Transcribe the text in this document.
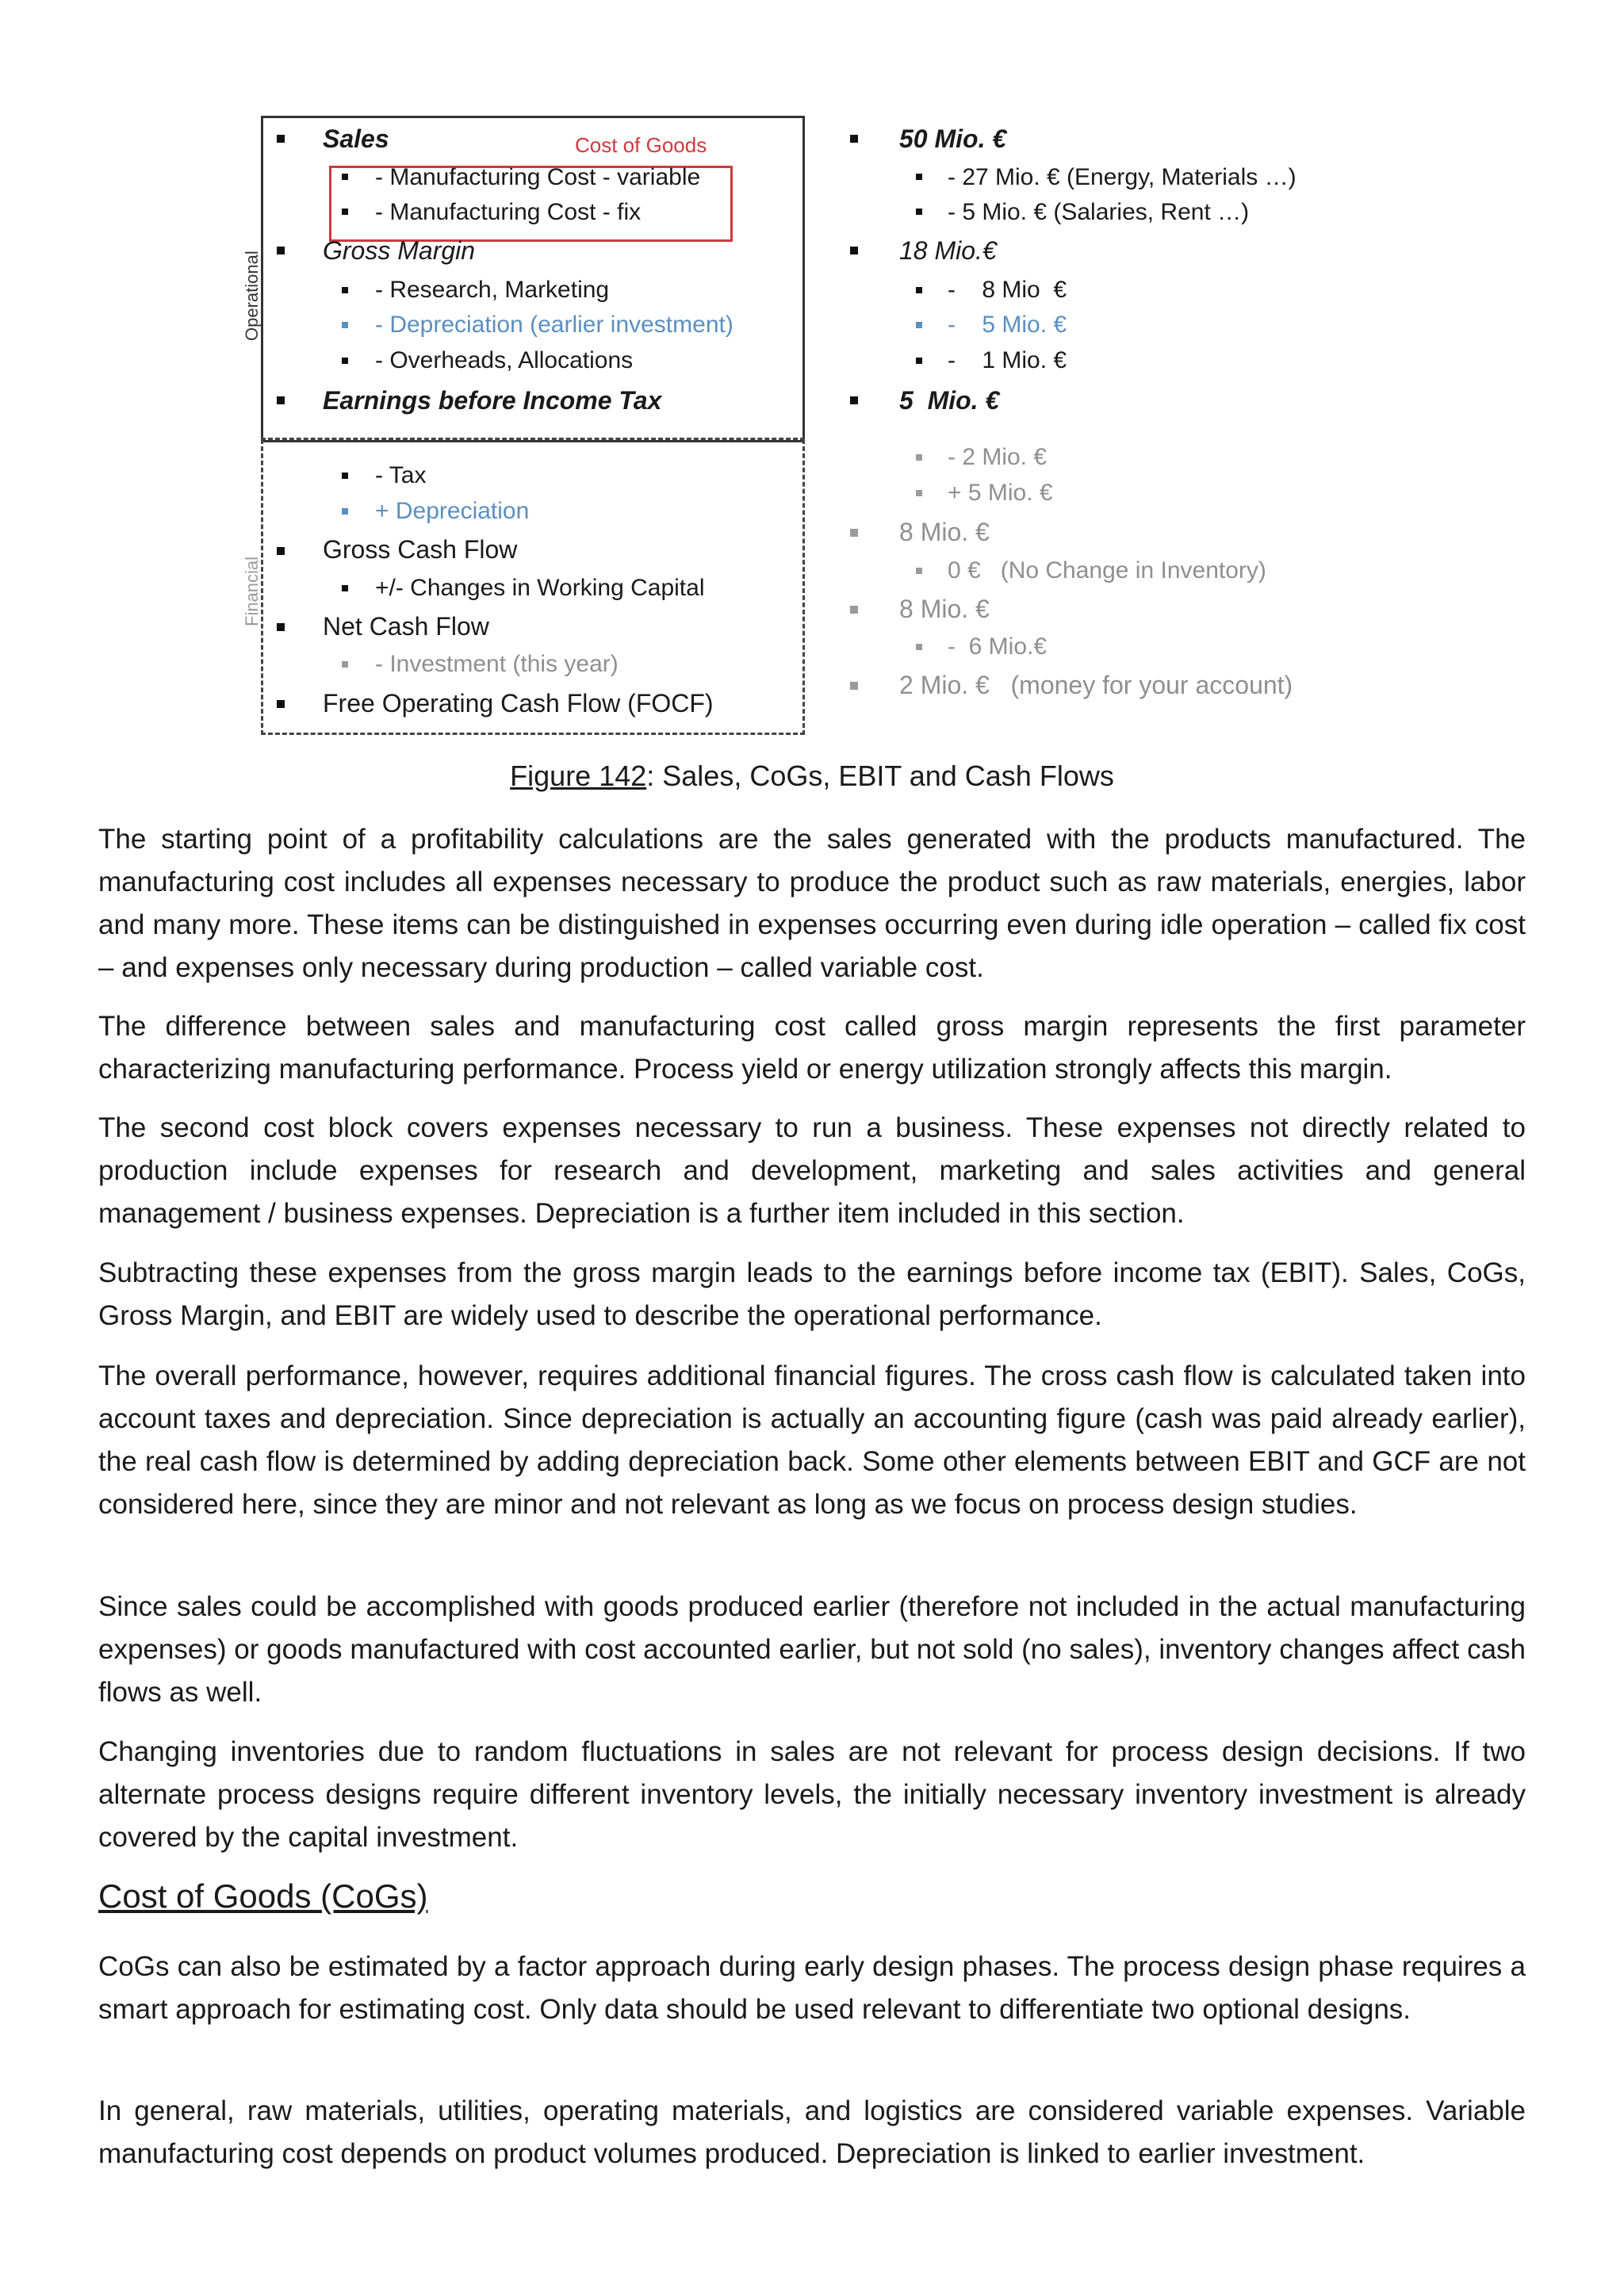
Operational
Financial
Cost of Goods
Sales
- Manufacturing Cost - variable
- Manufacturing Cost - fix
Gross Margin
- Research, Marketing
- Depreciation (earlier investment)
- Overheads, Allocations
Earnings before Income Tax
- Tax
+ Depreciation
Gross Cash Flow
+/- Changes in Working Capital
Net Cash Flow
- Investment (this year)
Free Operating Cash Flow (FOCF)
50 Mio. €
- 27 Mio. € (Energy, Materials …)
- 5 Mio. € (Salaries, Rent …)
18 Mio.€
-    8 Mio  €
-    5 Mio. €
-    1 Mio. €
5  Mio. €
- 2 Mio. €
+ 5 Mio. €
8 Mio. €
0 €   (No Change in Inventory)
8 Mio. €
-  6 Mio.€
2 Mio. €   (money for your account)
Figure 142: Sales, CoGs, EBIT and Cash Flows

The starting point of a profitability calculations are the sales generated with the products manufactured. The manufacturing cost includes all expenses necessary to produce the product such as raw materials, energies, labor and many more. These items can be distinguished in expenses occurring even during idle operation – called fix cost – and expenses only necessary during production – called variable cost.

The difference between sales and manufacturing cost called gross margin represents the first parameter characterizing manufacturing performance. Process yield or energy utilization strongly affects this margin.

The second cost block covers expenses necessary to run a business. These expenses not directly related to production include expenses for research and development, marketing and sales activities and general management / business expenses. Depreciation is a further item included in this section.

Subtracting these expenses from the gross margin leads to the earnings before income tax (EBIT). Sales, CoGs, Gross Margin, and EBIT are widely used to describe the operational performance.

The overall performance, however, requires additional financial figures. The cross cash flow is calculated taken into account taxes and depreciation. Since depreciation is actually an accounting figure (cash was paid already earlier), the real cash flow is determined by adding depreciation back. Some other elements between EBIT and GCF are not considered here, since they are minor and not relevant as long as we focus on process design studies.

Since sales could be accomplished with goods produced earlier (therefore not included in the actual manufacturing expenses) or goods manufactured with cost accounted earlier, but not sold (no sales), inventory changes affect cash flows as well.

Changing inventories due to random fluctuations in sales are not relevant for process design decisions. If two alternate process designs require different inventory levels, the initially necessary inventory investment is already covered by the capital investment.

Cost of Goods (CoGs)

CoGs can also be estimated by a factor approach during early design phases. The process design phase requires a smart approach for estimating cost. Only data should be used relevant to differentiate two optional designs.

In general, raw materials, utilities, operating materials, and logistics are considered variable expenses. Variable manufacturing cost depends on product volumes produced. Depreciation is linked to earlier investment.
